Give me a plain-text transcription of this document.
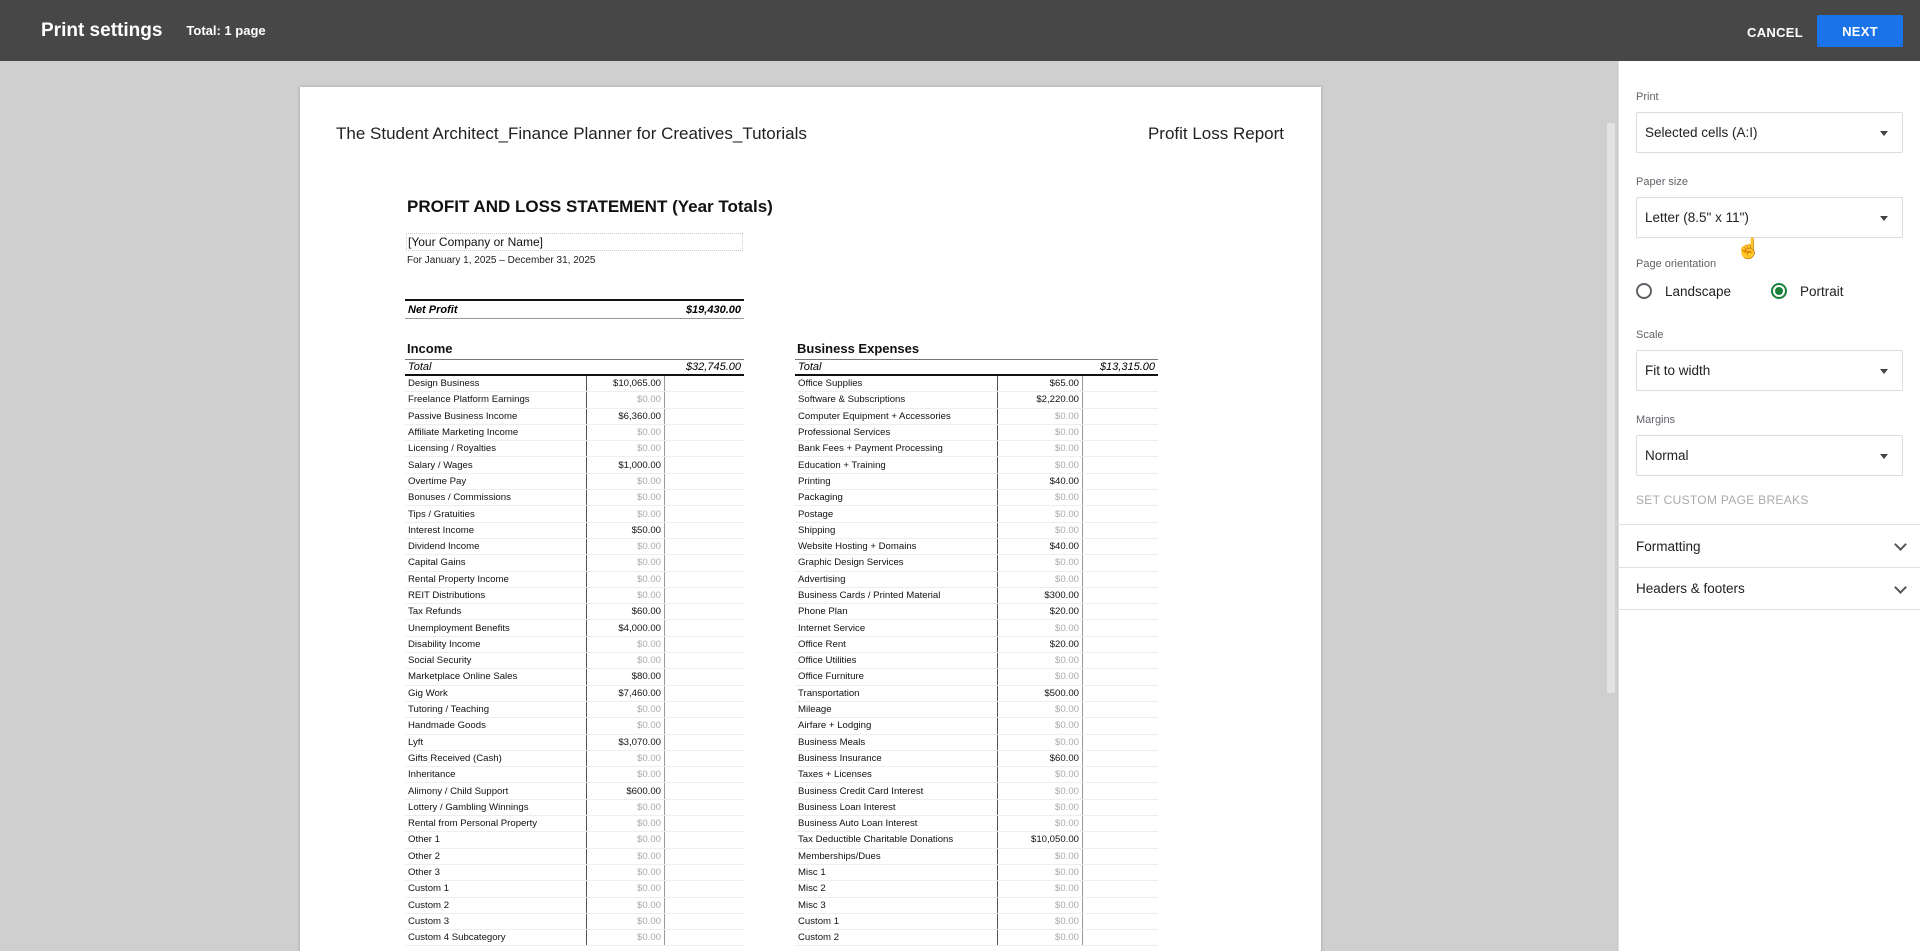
Print settings Total: 1 page	CANCEL	NEXT
The Student Architect_Finance Planner for Creatives_Tutorials	Profit Loss Report
PROFIT AND LOSS STATEMENT (Year Totals)
[Your Company or Name]
For January 1, 2025 – December 31, 2025
Net Profit	$19,430.00
Income
Total	$32,745.00
Design Business	$10,065.00
Freelance Platform Earnings	$0.00
Passive Business Income	$6,360.00
Affiliate Marketing Income	$0.00
Licensing / Royalties	$0.00
Salary / Wages	$1,000.00
Overtime Pay	$0.00
Bonuses / Commissions	$0.00
Tips / Gratuities	$0.00
Interest Income	$50.00
Dividend Income	$0.00
Capital Gains	$0.00
Rental Property Income	$0.00
REIT Distributions	$0.00
Tax Refunds	$60.00
Unemployment Benefits	$4,000.00
Disability Income	$0.00
Social Security	$0.00
Marketplace Online Sales	$80.00
Gig Work	$7,460.00
Tutoring / Teaching	$0.00
Handmade Goods	$0.00
Lyft	$3,070.00
Gifts Received (Cash)	$0.00
Inheritance	$0.00
Alimony / Child Support	$600.00
Lottery / Gambling Winnings	$0.00
Rental from Personal Property	$0.00
Other 1	$0.00
Other 2	$0.00
Other 3	$0.00
Custom 1	$0.00
Custom 2	$0.00
Custom 3	$0.00
Custom 4 Subcategory	$0.00
Business Expenses
Total	$13,315.00
Office Supplies	$65.00
Software & Subscriptions	$2,220.00
Computer Equipment + Accessories	$0.00
Professional Services	$0.00
Bank Fees + Payment Processing	$0.00
Education + Training	$0.00
Printing	$40.00
Packaging	$0.00
Postage	$0.00
Shipping	$0.00
Website Hosting + Domains	$40.00
Graphic Design Services	$0.00
Advertising	$0.00
Business Cards / Printed Material	$300.00
Phone Plan	$20.00
Internet Service	$0.00
Office Rent	$20.00
Office Utilities	$0.00
Office Furniture	$0.00
Transportation	$500.00
Mileage	$0.00
Airfare + Lodging	$0.00
Business Meals	$0.00
Business Insurance	$60.00
Taxes + Licenses	$0.00
Business Credit Card Interest	$0.00
Business Loan Interest	$0.00
Business Auto Loan Interest	$0.00
Tax Deductible Charitable Donations	$10,050.00
Memberships/Dues	$0.00
Misc 1	$0.00
Misc 2	$0.00
Misc 3	$0.00
Custom 1	$0.00
Custom 2	$0.00
Print
Selected cells (A:I)
Paper size
Letter (8.5" x 11")
Page orientation
Landscape	Portrait
Scale
Fit to width
Margins
Normal
SET CUSTOM PAGE BREAKS
Formatting
Headers & footers
☝
